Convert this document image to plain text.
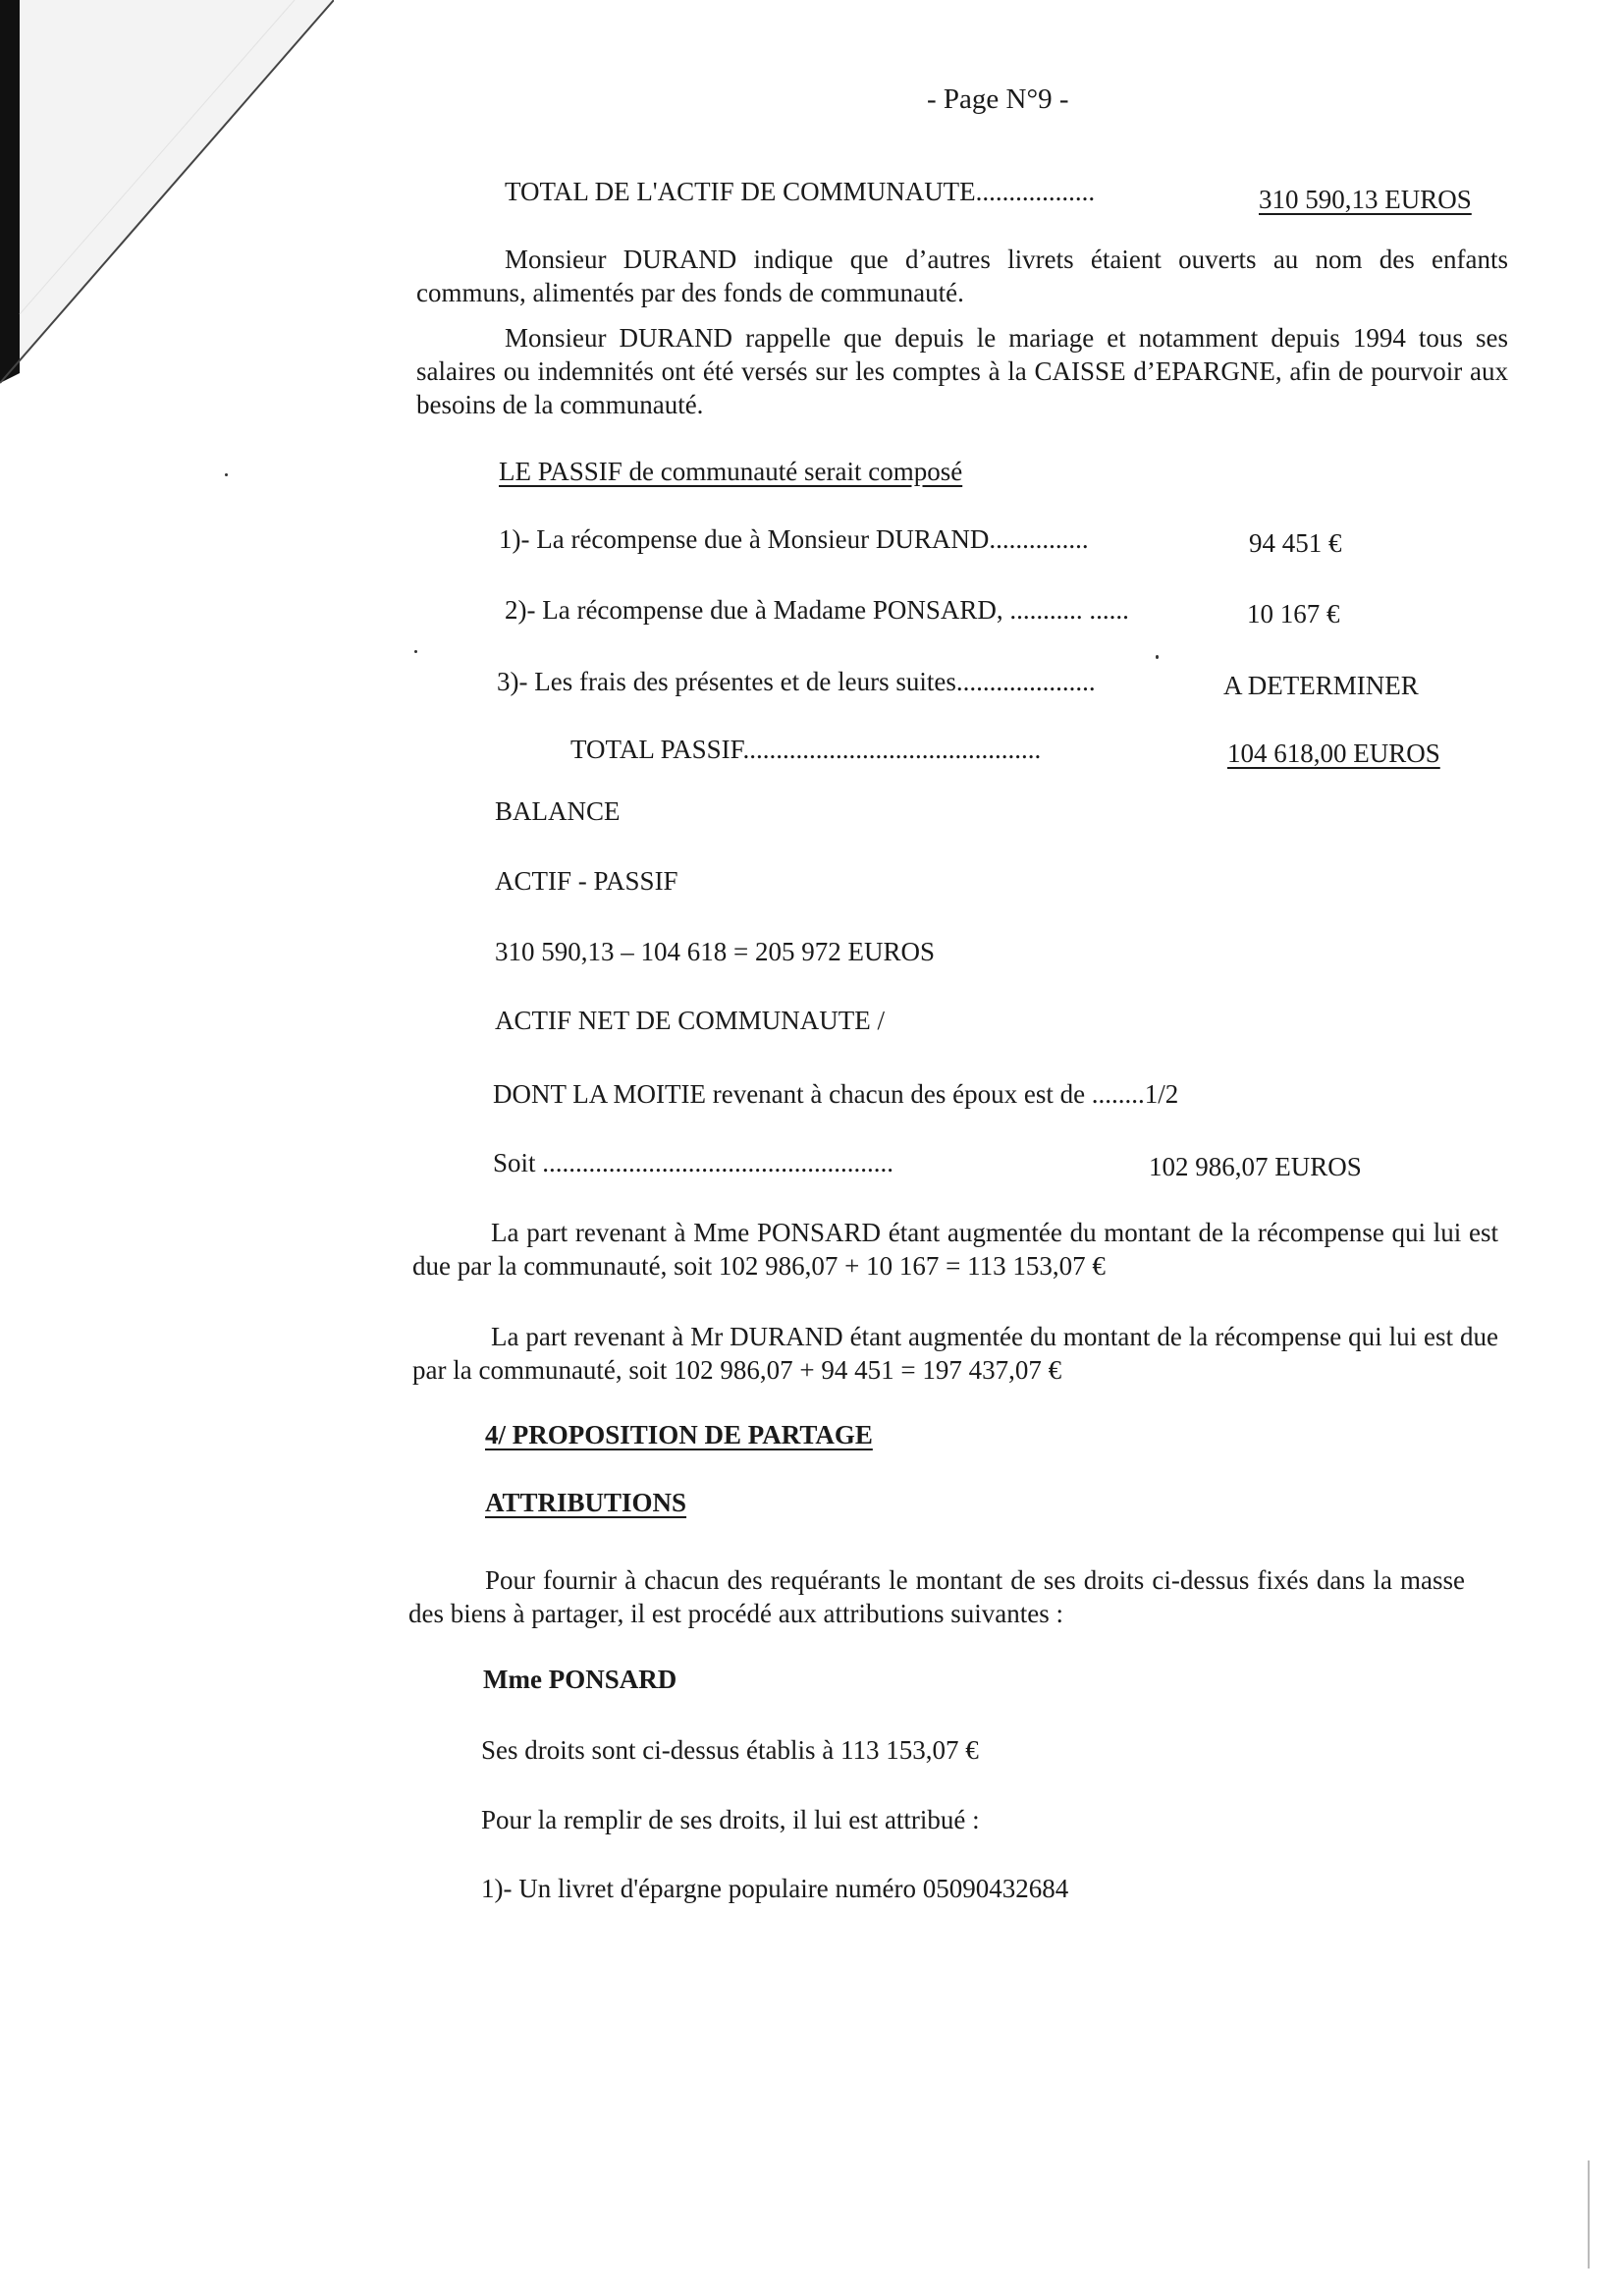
- Page N°9 -
TOTAL DE L'ACTIF DE COMMUNAUTE..................	310 590,13 EUROS
Monsieur DURAND indique que d’autres livrets étaient ouverts au nom des enfants communs, alimentés par des fonds de communauté.
Monsieur DURAND rappelle que depuis le mariage et notamment depuis 1994 tous ses salaires ou indemnités ont été versés sur les comptes à la CAISSE d’EPARGNE, afin de pourvoir aux besoins de la communauté.
LE PASSIF de communauté serait composé
1)- La récompense due à Monsieur DURAND...............	94 451 €
2)- La récompense due à Madame PONSARD, ........... ......	10 167 €
3)- Les frais des présentes et de leurs suites.....................	A DETERMINER
TOTAL PASSIF.............................................	104 618,00 EUROS
BALANCE
ACTIF - PASSIF
310 590,13 – 104 618 = 205 972 EUROS
ACTIF NET DE COMMUNAUTE /
DONT LA MOITIE revenant à chacun des époux est de ........1/2
Soit .....................................................	102 986,07 EUROS
La part revenant à Mme PONSARD étant augmentée du montant de la récompense qui lui est due par la communauté, soit 102 986,07 + 10 167 = 113 153,07 €
La part revenant à Mr DURAND étant augmentée du montant de la récompense qui lui est due par la communauté, soit 102 986,07 + 94 451 = 197 437,07 €
4/ PROPOSITION DE PARTAGE
ATTRIBUTIONS
Pour fournir à chacun des requérants le montant de ses droits ci-dessus fixés dans la masse des biens à partager, il est procédé aux attributions suivantes :
Mme PONSARD
Ses droits sont ci-dessus établis à 113 153,07 €
Pour la remplir de ses droits, il lui est attribué :
1)- Un livret d'épargne populaire numéro 05090432684
